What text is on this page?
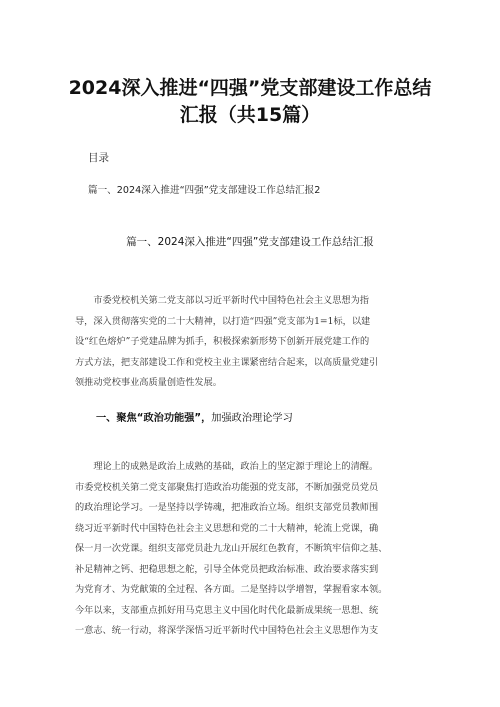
2024深入推进“四强”党支部建设工作总结
汇报（共15篇）
目录
篇一、2024深入推进“四强”党支部建设工作总结汇报2
篇一、2024深入推进“四强”党支部建设工作总结汇报
　　市委党校机关第二党支部以习近平新时代中国特色社会主义思想为指
导，深入贯彻落实党的二十大精神，以打造“四强”党支部为1=1标，以建
设“红色熔炉”子党建品牌为抓手，积极探索新形势下创新开展党建工作的
方式方法，把支部建设工作和党校主业主课紧密结合起来，以高质量党建引
领推动党校事业高质量创造性发展。
一、聚焦“政治功能强”，加强政治理论学习
　　理论上的成熟是政治上成熟的基础，政治上的坚定源于理论上的清醒。
市委党校机关第二党支部聚焦打造政治功能强的党支部，不断加强党员党员
的政治理论学习。一是坚持以学铸魂，把准政治立场。组织支部党员教师围
绕习近平新时代中国特色社会主义思想和党的二十大精神，轮流上党课，确
保一月一次党课。组织支部党员赴九龙山开展红色教育，不断筑牢信仰之基、
补足精神之钙、把稳思想之舵，引导全体党员把政治标准、政治要求落实到
为党育才、为党献策的全过程、各方面。二是坚持以学增智，掌握看家本领。
今年以来，支部重点抓好用马克思主义中国化时代化最新成果统一思想、统
一意志、统一行动，将深学深悟习近平新时代中国特色社会主义思想作为支
